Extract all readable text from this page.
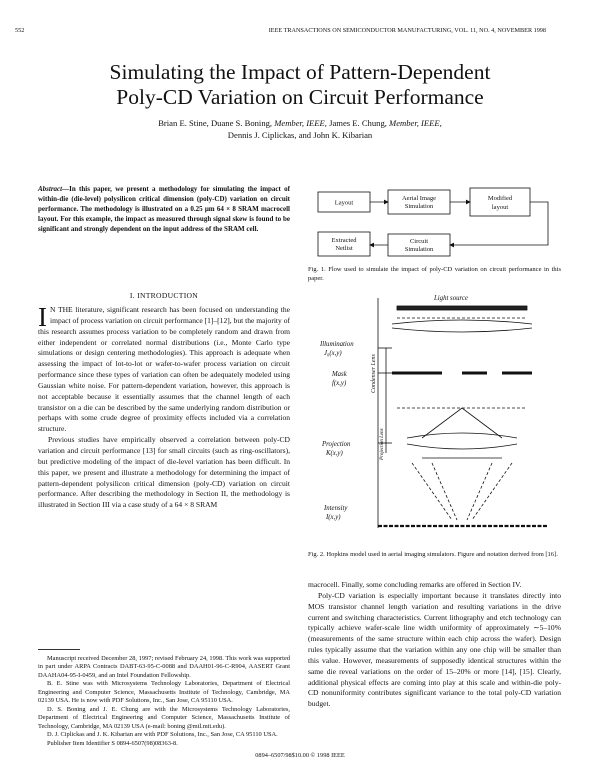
552	IEEE TRANSACTIONS ON SEMICONDUCTOR MANUFACTURING, VOL. 11, NO. 4, NOVEMBER 1998
Simulating the Impact of Pattern-Dependent
Poly-CD Variation on Circuit Performance
Brian E. Stine, Duane S. Boning, Member, IEEE, James E. Chung, Member, IEEE,
Dennis J. Ciplickas, and John K. Kibarian
Abstract—In this paper, we present a methodology for simulating the impact of within-die (die-level) polysilicon critical dimension (poly-CD) variation on circuit performance. The methodology is illustrated on a 0.25 μm 64 × 8 SRAM macrocell layout. For this example, the impact as measured through signal skew is found to be significant and strongly dependent on the input address of the SRAM cell.
I. INTRODUCTION

I N THE literature, significant research has been focused on understanding the impact of process variation on circuit performance [1]–[12], but the majority of this research assumes process variation to be completely random and drawn from either independent or correlated normal distributions (i.e., Monte Carlo type simulations or design centering methodologies). This approach is adequate when assessing the impact of lot-to-lot or wafer-to-wafer process variation on circuit performance since these types of variation can often be adequately modeled using Gaussian white noise. For pattern-dependent variation, however, this approach is not acceptable because it essentially assumes that the channel length of each transistor on a die can be described by the same underlying random distribution or perhaps with some crude degree of proximity effects included via a correlation structure.

Previous studies have empirically observed a correlation between poly-CD variation and circuit performance [13] for small circuits (such as ring-oscillators), but predictive modeling of the impact of die-level variation has been difficult. In this paper, we present and illustrate a methodology for determining the impact of pattern-dependent polysilicon critical dimension (poly-CD) variation on circuit performance. After describing the methodology in Section II, the methodology is illustrated in Section III via a case study of a 64 × 8 SRAM

Manuscript received December 28, 1997; revised February 24, 1998. This work was supported in part under ARPA Contracts DABT-63-95-C-0088 and DAAH01-96-C-R904, AASERT Grant DAAHA04-95-I-0459, and an Intel Foundation Fellowship.

B. E. Stine was with Microsystems Technology Laboratories, Department of Electrical Engineering and Computer Science, Massachusetts Institute of Technology, Cambridge, MA 02139 USA. He is now with PDF Solutions, Inc., San Jose, CA 95110 USA.

D. S. Boning and J. E. Chung are with the Microsystems Technology Laboratories, Department of Electrical Engineering and Computer Science, Massachusetts Institute of Technology, Cambridge, MA 02139 USA (e-mail: boning @mtl.mit.edu).

D. J. Ciplickas and J. K. Kibarian are with PDF Solutions, Inc., San Jose, CA 95110 USA.

Publisher Item Identifier S 0894-6507(98)08363-8.

Layout
Aerial Image
Simulation
Modified
layout
Extracted
Netlist
Circuit
Simulation
Fig. 1. Flow used to simulate the impact of poly-CD variation on circuit performance in this paper.
Light source
Illumination
J₀(x,y)
Mask
f(x,y)
Projection
K(x,y)
Intensity
I(x,y)
Condenser Lens
Projection Lens
Fig. 2. Hopkins model used in aerial imaging simulators. Figure and notation derived from [16].

macrocell. Finally, some concluding remarks are offered in Section IV.

Poly-CD variation is especially important because it translates directly into MOS transistor channel length variation and resulting variations in the drive current and switching characteristics. Current lithography and etch technology can typically achieve wafer-scale line width uniformity of approximately ∼5–10% (measurements of the same structure within each chip across the wafer). Design rules typically assume that the variation within any one chip will be smaller than this value. However, measurements of supposedly identical structures within the same die reveal variations on the order of 15–20% or more [14], [15]. Clearly, additional physical effects are coming into play at this scale and within-die poly-CD nonuniformity contributes significant variance to the total poly-CD variation budget.

0894–6507/98$10.00 © 1998 IEEE
